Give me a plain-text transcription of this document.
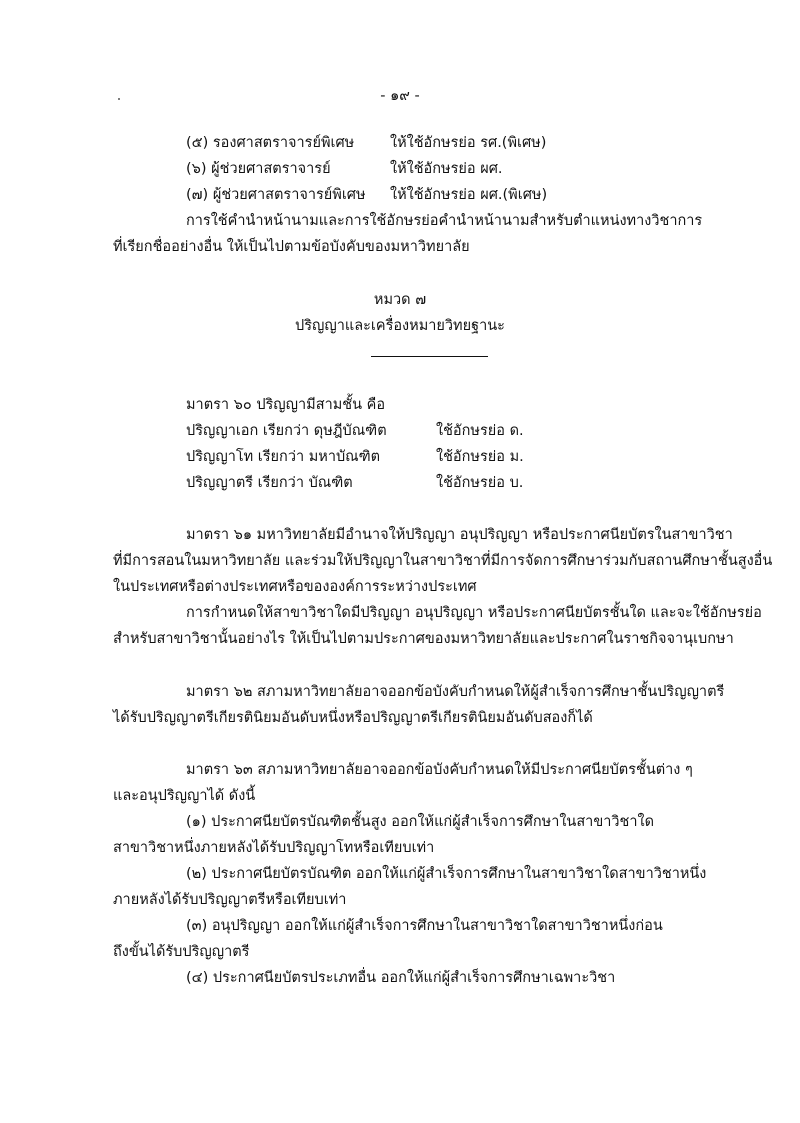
- ๑๙ -
(๕) รองศาสตราจารย์พิเศษ ให้ใช้อักษรย่อ รศ.(พิเศษ)
(๖) ผู้ช่วยศาสตราจารย์	ให้ใช้อักษรย่อ ผศ.
(๗) ผู้ช่วยศาสตราจารย์พิเศษ ให้ใช้อักษรย่อ ผศ.(พิเศษ)
การใช้คำนำหน้านามและการใช้อักษรย่อคำนำหน้านามสำหรับตำแหน่งทางวิชาการ
ที่เรียกชื่ออย่างอื่น ให้เป็นไปตามข้อบังคับของมหาวิทยาลัย
หมวด ๗
ปริญญาและเครื่องหมายวิทยฐานะ
มาตรา ๖๐ ปริญญามีสามชั้น คือ
ปริญญาเอก เรียกว่า ดุษฎีบัณฑิต	ใช้อักษรย่อ ด.
ปริญญาโท เรียกว่า มหาบัณฑิต	ใช้อักษรย่อ ม.
ปริญญาตรี เรียกว่า บัณฑิต	ใช้อักษรย่อ บ.
มาตรา ๖๑ มหาวิทยาลัยมีอำนาจให้ปริญญา อนุปริญญา หรือประกาศนียบัตรในสาขาวิชา
ที่มีการสอนในมหาวิทยาลัย และร่วมให้ปริญญาในสาขาวิชาที่มีการจัดการศึกษาร่วมกับสถานศึกษาชั้นสูงอื่น
ในประเทศหรือต่างประเทศหรือขององค์การระหว่างประเทศ
การกำหนดให้สาขาวิชาใดมีปริญญา อนุปริญญา หรือประกาศนียบัตรชั้นใด และจะใช้อักษรย่อ
สำหรับสาขาวิชานั้นอย่างไร ให้เป็นไปตามประกาศของมหาวิทยาลัยและประกาศในราชกิจจานุเบกษา
มาตรา ๖๒ สภามหาวิทยาลัยอาจออกข้อบังคับกำหนดให้ผู้สำเร็จการศึกษาชั้นปริญญาตรี
ได้รับปริญญาตรีเกียรตินิยมอันดับหนึ่งหรือปริญญาตรีเกียรตินิยมอันดับสองก็ได้
มาตรา ๖๓ สภามหาวิทยาลัยอาจออกข้อบังคับกำหนดให้มีประกาศนียบัตรชั้นต่าง ๆ
และอนุปริญญาได้ ดังนี้
(๑) ประกาศนียบัตรบัณฑิตชั้นสูง ออกให้แก่ผู้สำเร็จการศึกษาในสาขาวิชาใด
สาขาวิชาหนึ่งภายหลังได้รับปริญญาโทหรือเทียบเท่า
(๒) ประกาศนียบัตรบัณฑิต ออกให้แก่ผู้สำเร็จการศึกษาในสาขาวิชาใดสาขาวิชาหนึ่ง
ภายหลังได้รับปริญญาตรีหรือเทียบเท่า
(๓) อนุปริญญา ออกให้แก่ผู้สำเร็จการศึกษาในสาขาวิชาใดสาขาวิชาหนึ่งก่อน
ถึงขั้นได้รับปริญญาตรี
(๔) ประกาศนียบัตรประเภทอื่น ออกให้แก่ผู้สำเร็จการศึกษาเฉพาะวิชา
